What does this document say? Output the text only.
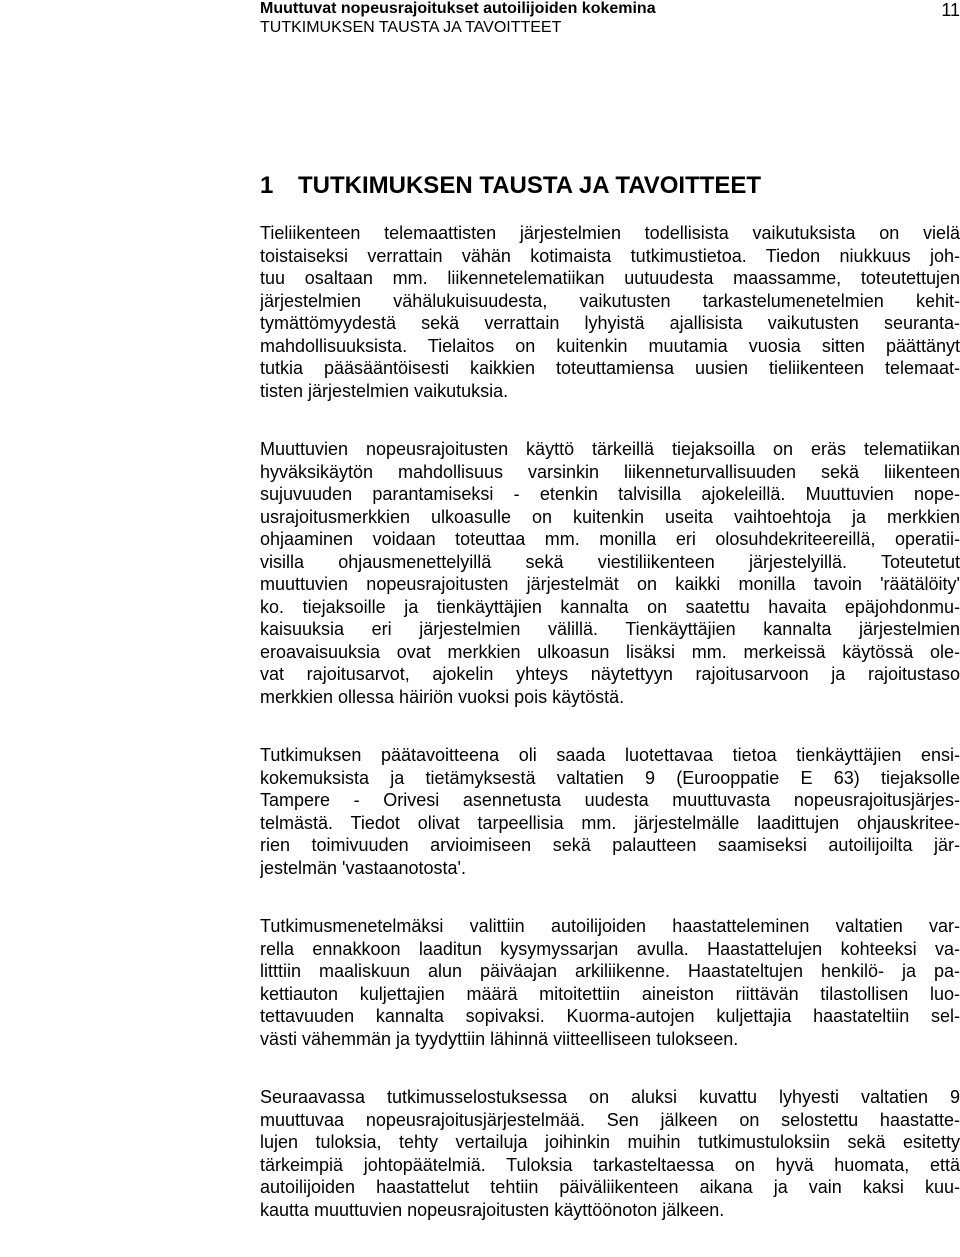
Muuttuvat nopeusrajoitukset autoilijoiden kokemina

TUTKIMUKSEN TAUSTA JA TAVOITTEET

11
1 TUTKIMUKSEN TAUSTA JA TAVOITTEET
Tieliikenteen telemaattisten järjestelmien todellisista vaikutuksista on vielä
toistaiseksi verrattain vähän kotimaista tutkimustietoa. Tiedon niukkuus joh-
tuu osaltaan mm. liikennetelematiikan uutuudesta maassamme, toteutettujen
järjestelmien vähälukuisuudesta, vaikutusten tarkastelumenetelmien kehit-
tymättömyydestä sekä verrattain lyhyistä ajallisista vaikutusten seuranta-
mahdollisuuksista. Tielaitos on kuitenkin muutamia vuosia sitten päättänyt
tutkia pääsääntöisesti kaikkien toteuttamiensa uusien tieliikenteen telemaat-
tisten järjestelmien vaikutuksia.
Muuttuvien nopeusrajoitusten käyttö tärkeillä tiejaksoilla on eräs telematiikan
hyväksikäytön mahdollisuus varsinkin liikenneturvallisuuden sekä liikenteen
sujuvuuden parantamiseksi - etenkin talvisilla ajokeleillä. Muuttuvien nope-
usrajoitusmerkkien ulkoasulle on kuitenkin useita vaihtoehtoja ja merkkien
ohjaaminen voidaan toteuttaa mm. monilla eri olosuhdekriteereillä, operatii-
visilla ohjausmenettelyillä sekä viestiliikenteen järjestelyillä. Toteutetut
muuttuvien nopeusrajoitusten järjestelmät on kaikki monilla tavoin 'räätälöity'
ko. tiejaksoille ja tienkäyttäjien kannalta on saatettu havaita epäjohdonmu-
kaisuuksia eri järjestelmien välillä. Tienkäyttäjien kannalta järjestelmien
eroavaisuuksia ovat merkkien ulkoasun lisäksi mm. merkeissä käytössä ole-
vat rajoitusarvot, ajokelin yhteys näytettyyn rajoitusarvoon ja rajoitustaso
merkkien ollessa häiriön vuoksi pois käytöstä.
Tutkimuksen päätavoitteena oli saada luotettavaa tietoa tienkäyttäjien ensi-
kokemuksista ja tietämyksestä valtatien 9 (Eurooppatie E 63) tiejaksolle
Tampere - Orivesi asennetusta uudesta muuttuvasta nopeusrajoitusjärjes-
telmästä. Tiedot olivat tarpeellisia mm. järjestelmälle laadittujen ohjauskritee-
rien toimivuuden arvioimiseen sekä palautteen saamiseksi autoilijoilta jär-
jestelmän 'vastaanotosta'.
Tutkimusmenetelmäksi valittiin autoilijoiden haastatteleminen valtatien var-
rella ennakkoon laaditun kysymyssarjan avulla. Haastattelujen kohteeksi va-
litttiin maaliskuun alun päiväajan arkiliikenne. Haastateltujen henkilö- ja pa-
kettiauton kuljettajien määrä mitoitettiin aineiston riittävän tilastollisen luo-
tettavuuden kannalta sopivaksi. Kuorma-autojen kuljettajia haastateltiin sel-
västi vähemmän ja tyydyttiin lähinnä viitteelliseen tulokseen.
Seuraavassa tutkimusselostuksessa on aluksi kuvattu lyhyesti valtatien 9
muuttuvaa nopeusrajoitusjärjestelmää. Sen jälkeen on selostettu haastatte-
lujen tuloksia, tehty vertailuja joihinkin muihin tutkimustuloksiin sekä esitetty
tärkeimpiä johtopäätelmiä. Tuloksia tarkasteltaessa on hyvä huomata, että
autoilijoiden haastattelut tehtiin päiväliikenteen aikana ja vain kaksi kuu-
kautta muuttuvien nopeusrajoitusten käyttöönoton jälkeen.
